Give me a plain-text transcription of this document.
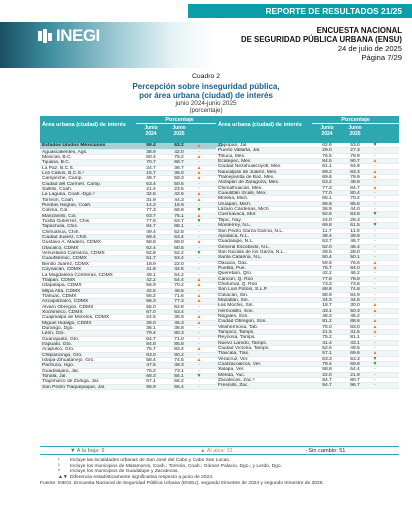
REPORTE DE RESULTADOS 21/25
INEGI	ENCUESTA NACIONAL
DE SEGURIDAD PÚBLICA URBANA (ENSU)
24 de julio de 2025
Página 7/29
Cuadro 2
Percepción sobre inseguridad pública,
por área urbana (ciudad) de interés
junio 2024-junio 2025
(porcentaje)
Área urbana (ciudad) de interés
Porcentaje
Junio 2024
Junio 2025
Estados Unidos Mexicanos	59.4	63.2	▲
Aguascalientes, Ags.	38.9	42.0	-
Mexicali, B.C.	60.4	78.2	▲
Tijuana, B.C.	70.7	68.7	-
La Paz, B.C.S.	24.7	36.7	▲
Los Cabos, B.C.S.¹	16.7	36.0	▲
Campeche, Camp.	49.7	59.3	▲
Ciudad del Carmen, Camp.	53.4	50.5	-
Saltillo, Coah.	21.4	23.5	-
La Laguna, Coah.-Dgo.²	32.5	42.5	▲
Torreón, Coah.	31.9	44.3	▲
Piedras Negras, Coah.	14.3	16.9	-
Colima, Col.	77.3	68.8	▼
Manzanillo, Col.	63.7	75.1	▲
Tuxtla Gutiérrez, Chis.	77.5	63.7	▼
Tapachula, Chis.	84.7	88.1	-
Chihuahua, Chih.	49.4	52.8	-
Ciudad Juárez, Chih.	69.4	63.4	-
Gustavo A. Madero, CDMX	58.6	68.0	▲
Iztacalco, CDMX	62.4	60.5	-
Venustiano Carranza, CDMX	62.8	52.2	▼
Cuauhtémoc, CDMX	51.7	53.4	-
Benito Juárez, CDMX	18.9	22.0	-
Coyoacán, CDMX	41.8	42.5	-
La Magdalena Contreras, CDMX	49.1	54.2	-
Tlalpan, CDMX	42.2	54.4	▲
Iztapalapa, CDMX	56.9	70.2	▲
Milpa Alta, CDMX	42.5	49.5	-
Tláhuac, CDMX	56.2	71.6	▲
Azcapotzalco, CDMX	66.3	77.3	▲
Álvaro Obregón, CDMX	55.0	62.8	-
Xochimilco, CDMX	67.0	63.4	-
Cuajimalpa de Morelos, CDMX	24.5	36.9	▲
Miguel Hidalgo, CDMX	36.0	45.3	▲
Durango, Dgo.	36.1	36.8	-
León, Gto.	79.4	80.3	-
Guanajuato, Gto.	64.7	71.0	-
Irapuato, Gto.	84.8	85.8	-
Acapulco, Gro.	75.7	83.4	▲
Chilpancingo, Gro.	83.0	80.2	-
Ixtapa-Zihuatanejo, Gro.	58.4	74.5	▲
Pachuca, Hgo.	47.5	48.3	-
Guadalajara, Jal.	75.2	73.1	-
Tonalá, Jal.	68.3	56.1	▼
Tlajomulco de Zúñiga, Jal.	67.1	66.2	-
San Pedro Tlaquepaque, Jal.	66.9	65.4	-
Área urbana (ciudad) de interés
Porcentaje
Junio 2024
Junio 2025
Zapopan, Jal.	62.6	53.0	▼
Puerto Vallarta, Jal.	29.0	27.3	-
Toluca, Méx.	76.5	79.9	-
Ecatepec, Méx.	84.5	90.7	▲
Ciudad Nezahualcóyotl, Méx.	61.1	64.9	-
Naucalpan de Juárez, Méx.	69.2	83.3	▲
Tlalnepantla de Baz, Méx.	69.6	78.9	▲
Atizapán de Zaragoza, Méx.	53.2	49.8	-
Chimalhuacán, Méx.	77.3	84.7	▲
Cuautitlán Izcalli, Méx.	77.0	80.4	-
Morelia, Mich.	65.1	70.2	-
Uruapan, Mich.	86.8	85.5	-
Lázaro Cárdenas, Mich.	36.9	44.0	-
Cuernavaca, Mor.	92.5	83.8	▼
Tepic, Nay.	24.0	28.3	-
Monterrey, N.L.	69.8	61.5	▼
San Pedro Garza García, N.L.	11.7	11.0	-
Apodaca, N.L.	38.4	39.9	-
Guadalupe, N.L.	53.7	46.7	-
General Escobedo, N.L.	52.0	46.4	-
San Nicolás de los Garza, N.L.	28.5	28.0	-
Santa Catarina, N.L.	50.4	50.1	-
Oaxaca, Oax.	59.6	76.6	▲
Puebla, Pue.	76.7	84.0	▲
Querétaro, Qro.	42.2	46.2	-
Cancún, Q. Roo	77.8	78.9	-
Chetumal, Q. Roo	73.3	73.8	-
San Luis Potosí, S.L.P.	68.8	74.8	-
Culiacán, Sin.	88.9	84.9	-
Mazatlán, Sin.	34.3	34.5	-
Los Mochis, Sin.	18.7	30.0	▲
Hermosillo, Son.	43.1	50.3	▲
Nogales, Son.	46.3	45.2	-
Ciudad Obregón, Son.	81.2	88.6	▲
Villahermosa, Tab.	75.0	83.0	▲
Tampico, Tamps.	21.5	31.5	▲
Reynosa, Tamps.	75.2	81.1	-
Nuevo Laredo, Tamps.	41.4	43.1	-
Ciudad Victoria, Tamps.	52.6	49.5	-
Tlaxcala, Tlax.	57.1	69.6	▲
Veracruz, Ver.	63.3	53.3	▼
Coatzacoalcos, Ver.	79.4	69.8	▼
Xalapa, Ver.	58.8	64.4	-
Mérida, Yuc.	22.0	21.9	-
Zacatecas, Zac.³	84.7	80.7	-
Fresnillo, Zac.	94.7	96.7	-
▼ A la baja: 9	▲ Al alza: 31	- Sin cambio: 51
¹ Incluye las localidades urbanas de San José del Cabo y Cabo San Lucas.
² Incluye los municipios de Matamoros, Coah.; Torreón, Coah.; Gómez Palacio, Dgo.; y Lerdo, Dgo.
³ Incluye los municipios de Guadalupe y Zacatecas.
▲▼ Diferencia estadísticamente significativa respecto a junio de 2024.
Fuente: INEGI. Encuesta Nacional de Seguridad Pública Urbana (ENSU), segundo trimestre de 2024 y segundo trimestre de 2025.
